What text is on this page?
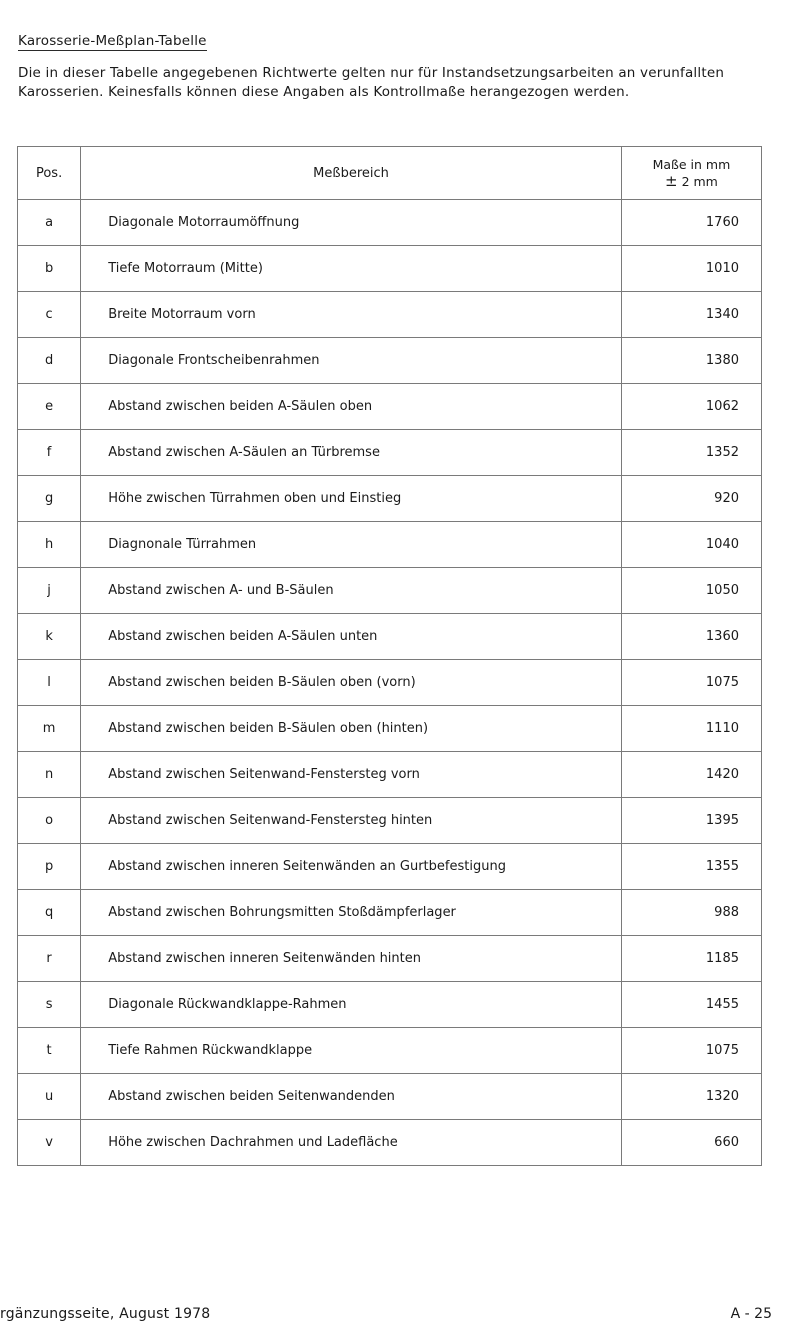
Karosserie-Meßplan-Tabelle

Die in dieser Tabelle angegebenen Richtwerte gelten nur für Instandsetzungsarbeiten an verunfallten Karosserien. Keinesfalls können diese Angaben als Kontrollmaße herangezogen werden.

Pos.	Meßbereich	Maße in mm
± 2 mm

a	Diagonale Motorraumöffnung	1760
b	Tiefe Motorraum (Mitte)	1010
c	Breite Motorraum vorn	1340
d	Diagonale Frontscheibenrahmen	1380
e	Abstand zwischen beiden A-Säulen oben	1062
f	Abstand zwischen A-Säulen an Türbremse	1352
g	Höhe zwischen Türrahmen oben und Einstieg	920
h	Diagnonale Türrahmen	1040
j	Abstand zwischen A- und B-Säulen	1050
k	Abstand zwischen beiden A-Säulen unten	1360
l	Abstand zwischen beiden B-Säulen oben (vorn)	1075
m	Abstand zwischen beiden B-Säulen oben (hinten)	1110
n	Abstand zwischen Seitenwand-Fenstersteg vorn	1420
o	Abstand zwischen Seitenwand-Fenstersteg hinten	1395
p	Abstand zwischen inneren Seitenwänden an Gurtbefestigung	1355
q	Abstand zwischen Bohrungsmitten Stoßdämpferlager	988
r	Abstand zwischen inneren Seitenwänden hinten	1185
s	Diagonale Rückwandklappe-Rahmen	1455
t	Tiefe Rahmen Rückwandklappe	1075
u	Abstand zwischen beiden Seitenwandenden	1320
v	Höhe zwischen Dachrahmen und Ladefläche	660
rgänzungsseite, August 1978	A - 25
